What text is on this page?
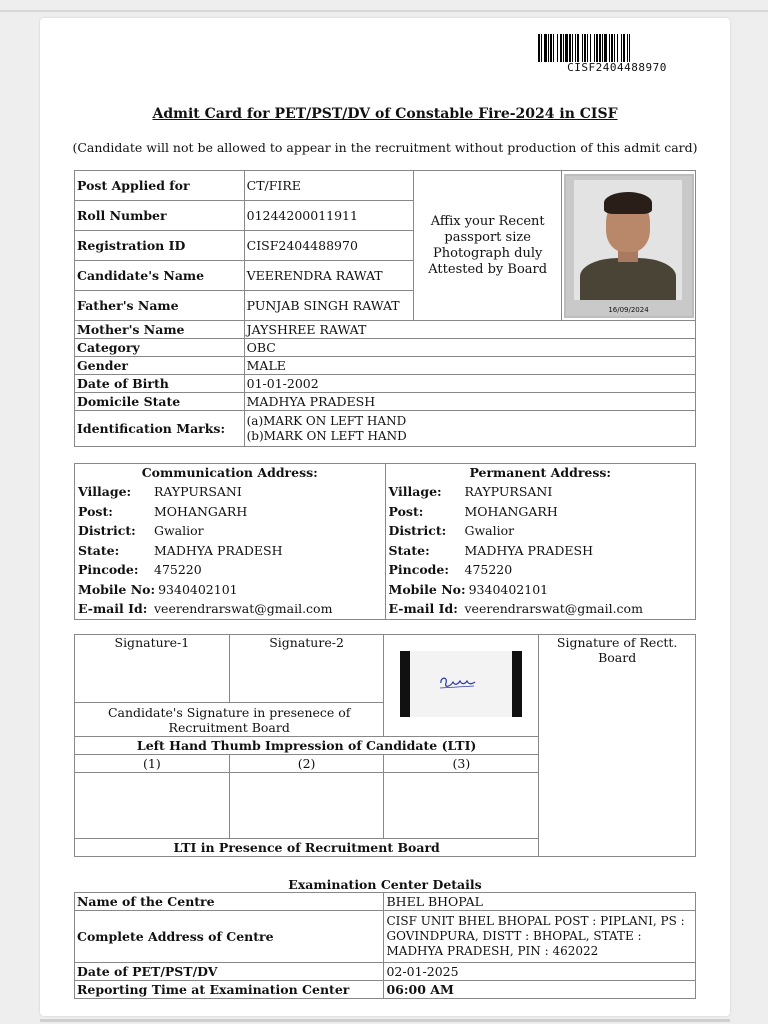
CISF2404488970
Admit Card for PET/PST/DV of Constable Fire-2024 in CISF
(Candidate will not be allowed to appear in the recruitment without production of this admit card)
Post Applied for	CT/FIRE	Affix your Recent passport size Photograph duly Attested by Board	16/09/2024

Roll Number	01244200011911		
Registration ID	CISF2404488970		
Candidate's Name	VEERENDRA RAWAT		
Father's Name	PUNJAB SINGH RAWAT		
Mother's Name	JAYSHREE RAWAT		
Category	OBC		
Gender	MALE		
Date of Birth	01-01-2002		
Domicile State	MADHYA PRADESH		
Identification Marks:	(a)MARK ON LEFT HAND
(b)MARK ON LEFT HAND		
Communication Address:
Village:	RAYPURSANI
Post:	MOHANGARH
District:	Gwalior
State:	MADHYA PRADESH
Pincode:	475220
Mobile No: 9340402101
E-mail Id: veerendrarswat@gmail.com

Permanent Address:
Village:	RAYPURSANI
Post:	MOHANGARH
District:	Gwalior
State:	MADHYA PRADESH
Pincode:	475220
Mobile No: 9340402101
E-mail Id: veerendrarswat@gmail.com
Signature-1	Signature-2		Signature of Rectt. Board
Candidate's Signature in presenece of Recruitment Board			
Left Hand Thumb Impression of Candidate (LTI)			

(1)	(2)	(3)	

LTI in Presence of Recruitment Board			
Examination Center Details
Name of the Centre	BHEL BHOPAL
Complete Address of Centre	CISF UNIT BHEL BHOPAL POST : PIPLANI, PS : GOVINDPURA, DISTT : BHOPAL, STATE : MADHYA PRADESH, PIN : 462022
Date of PET/PST/DV	02-01-2025
Reporting Time at Examination Center	06:00 AM
